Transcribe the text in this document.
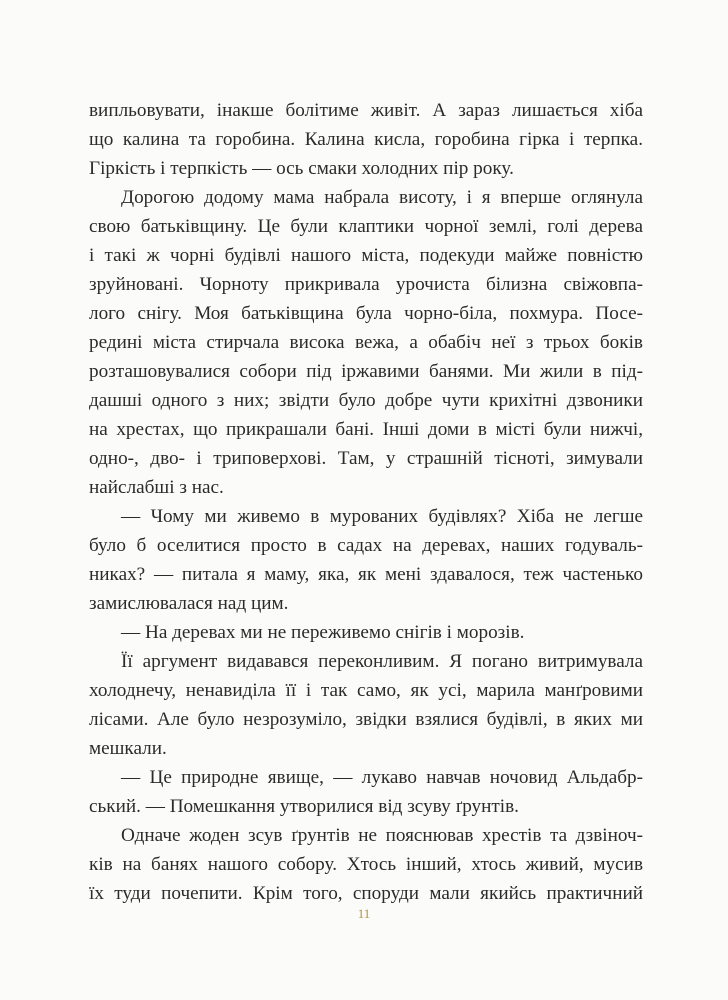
випльовувати, інакше болітиме живіт. А зараз лишається хіба
що калина та горобина. Калина кисла, горобина гірка і терпка.
Гіркість і терпкість — ось смаки холодних пір року.
Дорогою додому мама набрала висоту, і я вперше оглянула
свою батьківщину. Це були клаптики чорної землі, голі дерева
і такі ж чорні будівлі нашого міста, подекуди майже повністю
зруйновані. Чорноту прикривала урочиста білизна свіжовпа-
лого снігу. Моя батьківщина була чорно-біла, похмура. Посе-
редині міста стирчала висока вежа, а обабіч неї з трьох боків
розташовувалися собори під іржавими банями. Ми жили в під-
дашші одного з них; звідти було добре чути крихітні дзвоники
на хрестах, що прикрашали бані. Інші доми в місті були нижчі,
одно-, дво- і триповерхові. Там, у страшній тісноті, зимували
найслабші з нас.
— Чому ми живемо в мурованих будівлях? Хіба не легше
було б оселитися просто в садах на деревах, наших годуваль-
никах? — питала я маму, яка, як мені здавалося, теж частенько
замислювалася над цим.
— На деревах ми не переживемо снігів і морозів.
Її аргумент видавався переконливим. Я погано витримувала
холоднечу, ненавиділа її і так само, як усі, марила манґровими
лісами. Але було незрозуміло, звідки взялися будівлі, в яких ми
мешкали.
— Це природне явище, — лукаво навчав ночовид Альдабр-
ський. — Помешкання утворилися від зсуву ґрунтів.
Одначе жоден зсув ґрунтів не пояснював хрестів та дзвіноч-
ків на банях нашого собору. Хтось інший, хтось живий, мусив
їх туди почепити. Крім того, споруди мали якийсь практичний
11
